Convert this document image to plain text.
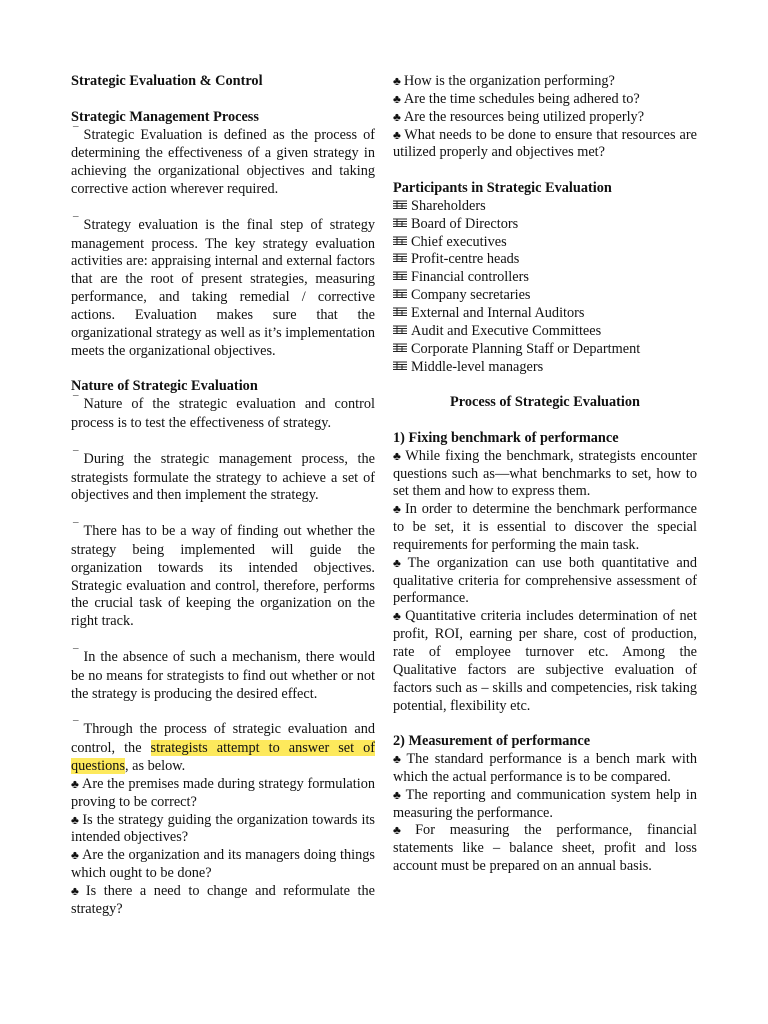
Strategic Evaluation & Control

Strategic Management Process

¯ Strategic Evaluation is defined as the process of determining the effectiveness of a given strategy in achieving the organizational objectives and taking corrective action wherever required.

¯ Strategy evaluation is the final step of strategy management process. The key strategy evaluation activities are: appraising internal and external factors that are the root of present strategies, measuring performance, and taking remedial / corrective actions. Evaluation makes sure that the organizational strategy as well as it’s implementation meets the organizational objectives.

Nature of Strategic Evaluation

¯ Nature of the strategic evaluation and control process is to test the effectiveness of strategy.

¯ During the strategic management process, the strategists formulate the strategy to achieve a set of objectives and then implement the strategy.

¯ There has to be a way of finding out whether the strategy being implemented will guide the organization towards its intended objectives. Strategic evaluation and control, therefore, performs the crucial task of keeping the organization on the right track.

¯ In the absence of such a mechanism, there would be no means for strategists to find out whether or not the strategy is producing the desired effect.

¯ Through the process of strategic evaluation and control, the strategists attempt to answer set of questions, as below.

♣ Are the premises made during strategy formulation proving to be correct?

♣ Is the strategy guiding the organization towards its intended objectives?

♣ Are the organization and its managers doing things which ought to be done?

♣ Is there a need to change and reformulate the strategy?

♣ How is the organization performing?

♣ Are the time schedules being adhered to?

♣ Are the resources being utilized properly?

♣ What needs to be done to ensure that resources are utilized properly and objectives met?

Participants in Strategic Evaluation

Shareholders
Board of Directors
Chief executives
Profit-centre heads
Financial controllers
Company secretaries
External and Internal Auditors
Audit and Executive Committees
Corporate Planning Staff or Department
Middle-level managers

Process of Strategic Evaluation

1) Fixing benchmark of performance

♣ While fixing the benchmark, strategists encounter questions such as—what benchmarks to set, how to set them and how to express them.

♣ In order to determine the benchmark performance to be set, it is essential to discover the special requirements for performing the main task.

♣ The organization can use both quantitative and qualitative criteria for comprehensive assessment of performance.

♣ Quantitative criteria includes determination of net profit, ROI, earning per share, cost of production, rate of employee turnover etc. Among the Qualitative factors are subjective evaluation of factors such as – skills and competencies, risk taking potential, flexibility etc.

2) Measurement of performance

♣ The standard performance is a bench mark with which the actual performance is to be compared.

♣ The reporting and communication system help in measuring the performance.

♣ For measuring the performance, financial statements like – balance sheet, profit and loss account must be prepared on an annual basis.
